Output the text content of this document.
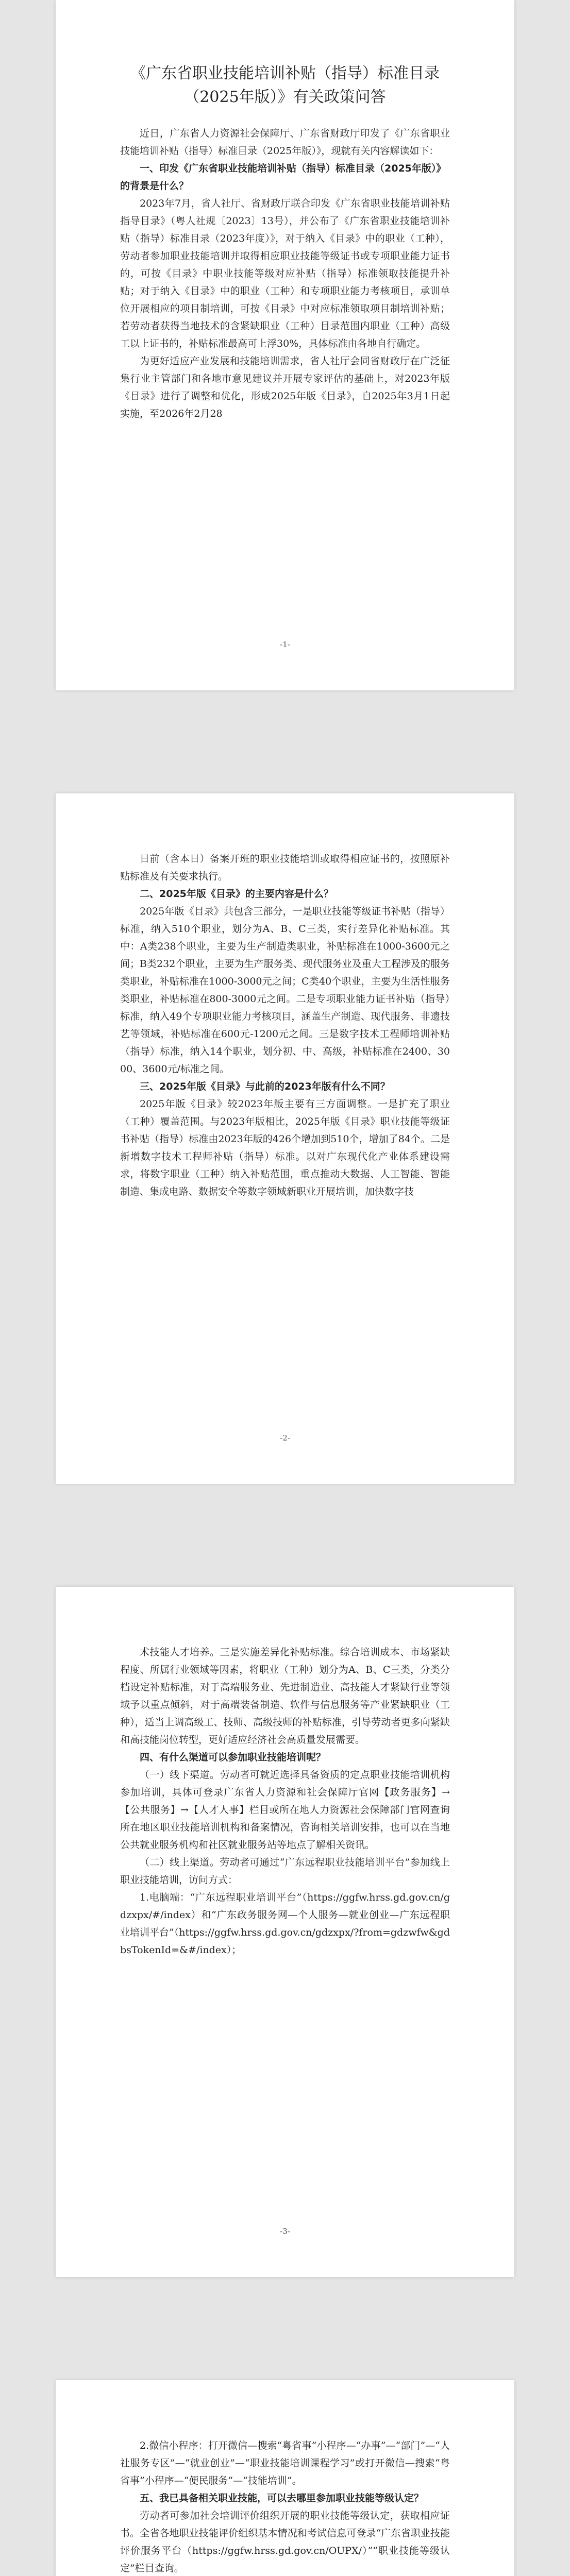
《广东省职业技能培训补贴（指导）标准目录（2025年版）》有关政策问答

近日，广东省人力资源社会保障厅、广东省财政厅印发了《广东省职业技能培训补贴（指导）标准目录（2025年版）》，现就有关内容解读如下：

一、印发《广东省职业技能培训补贴（指导）标准目录（2025年版）》的背景是什么？

2023年7月，省人社厅、省财政厅联合印发《广东省职业技能培训补贴指导目录》（粤人社规〔2023〕13号），并公布了《广东省职业技能培训补贴（指导）标准目录（2023年度）》，对于纳入《目录》中的职业（工种），劳动者参加职业技能培训并取得相应职业技能等级证书或专项职业能力证书的，可按《目录》中职业技能等级对应补贴（指导）标准领取技能提升补贴；对于纳入《目录》中的职业（工种）和专项职业能力考核项目，承训单位开展相应的项目制培训，可按《目录》中对应标准领取项目制培训补贴；若劳动者获得当地技术的含紧缺职业（工种）目录范围内职业（工种）高级工以上证书的，补贴标准最高可上浮30%，具体标准由各地自行确定。

为更好适应产业发展和技能培训需求，省人社厅会同省财政厅在广泛征集行业主管部门和各地市意见建议并开展专家评估的基础上，对2023年版《目录》进行了调整和优化，形成2025年版《目录》，自2025年3月1日起实施，至2026年2月28

-1-

日前（含本日）备案开班的职业技能培训或取得相应证书的，按照原补贴标准及有关要求执行。

二、2025年版《目录》的主要内容是什么？

2025年版《目录》共包含三部分，一是职业技能等级证书补贴（指导）标准，纳入510个职业，划分为A、B、C三类，实行差异化补贴标准。其中：A类238个职业，主要为生产制造类职业，补贴标准在1000-3600元之间；B类232个职业，主要为生产服务类、现代服务业及重大工程涉及的服务类职业，补贴标准在1000-3000元之间；C类40个职业，主要为生活性服务类职业，补贴标准在800-3000元之间。二是专项职业能力证书补贴（指导）标准，纳入49个专项职业能力考核项目，涵盖生产制造、现代服务、非遗技艺等领域，补贴标准在600元-1200元之间。三是数字技术工程师培训补贴（指导）标准，纳入14个职业，划分初、中、高级，补贴标准在2400、3000、3600元/标准之间。

三、2025年版《目录》与此前的2023年版有什么不同？

2025年版《目录》较2023年版主要有三方面调整。一是扩充了职业（工种）覆盖范围。与2023年版相比，2025年版《目录》职业技能等级证书补贴（指导）标准由2023年版的426个增加到510个，增加了84个。二是新增数字技术工程师补贴（指导）标准。以对广东现代化产业体系建设需求，将数字职业（工种）纳入补贴范围，重点推动大数据、人工智能、智能制造、集成电路、数据安全等数字领域新职业开展培训，加快数字技

-2-

术技能人才培养。三是实施差异化补贴标准。综合培训成本、市场紧缺程度、所属行业领域等因素，将职业（工种）划分为A、B、C三类，分类分档设定补贴标准，对于高端服务业、先进制造业、高技能人才紧缺行业等领域予以重点倾斜，对于高端装备制造、软件与信息服务等产业紧缺职业（工种），适当上调高级工、技师、高级技师的补贴标准，引导劳动者更多向紧缺和高技能岗位转型，更好适应经济社会高质量发展需要。

四、有什么渠道可以参加职业技能培训呢？

（一）线下渠道。劳动者可就近选择具备资质的定点职业技能培训机构参加培训，具体可登录广东省人力资源和社会保障厅官网【政务服务】→【公共服务】→【人才人事】栏目或所在地人力资源社会保障部门官网查询所在地区职业技能培训机构和备案情况，咨询相关培训安排，也可以在当地公共就业服务机构和社区就业服务站等地点了解相关资讯。

（二）线上渠道。劳动者可通过“广东远程职业技能培训平台”参加线上职业技能培训，访问方式：

1.电脑端：“广东远程职业培训平台”（https://ggfw.hrss.gd.gov.cn/gdzxpx/#/index）和“广东政务服务网—个人服务—就业创业—广东远程职业培训平台”（https://ggfw.hrss.gd.gov.cn/gdzxpx/?from=gdzwfw&gdbsTokenId=&#/index）；

-3-

2.微信小程序：打开微信—搜索“粤省事”小程序—“办事”—“部门”—“人社服务专区”—“就业创业”—“职业技能培训课程学习”或打开微信—搜索“粤省事”小程序—“便民服务”—“技能培训”。

五、我已具备相关职业技能，可以去哪里参加职业技能等级认定？

劳动者可参加社会培训评价组织开展的职业技能等级认定，获取相应证书。全省各地职业技能评价组织基本情况和考试信息可登录“广东省职业技能评价服务平台（https://ggfw.hrss.gd.gov.cn/OUPX/）”“职业技能等级认定”栏目查询。
